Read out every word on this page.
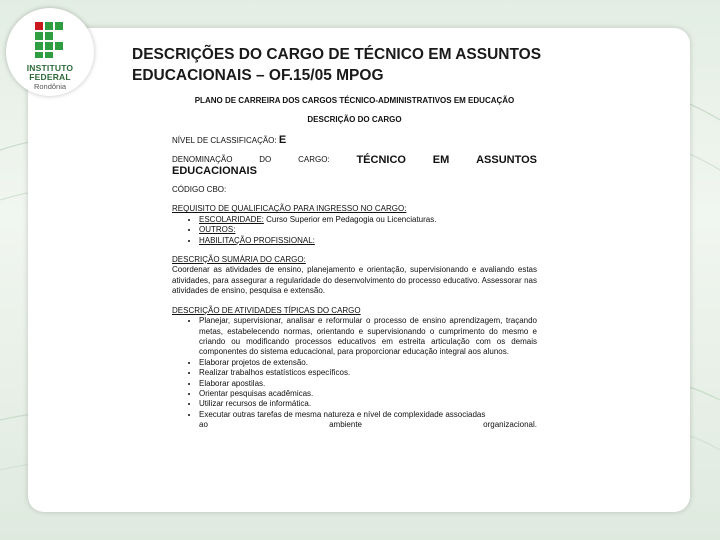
INSTITUTO
FEDERAL
Rondônia
DESCRIÇÕES DO CARGO DE TÉCNICO EM ASSUNTOS
EDUCACIONAIS – OF.15/05 MPOG

PLANO DE CARREIRA DOS CARGOS TÉCNICO-ADMINISTRATIVOS EM EDUCAÇÃO

DESCRIÇÃO DO CARGO

NÍVEL DE CLASSIFICAÇÃO: E

DENOMINAÇÃO	DO	CARGO: TÉCNICO EM ASSUNTOS
EDUCACIONAIS

CÓDIGO CBO:

REQUISITO DE QUALIFICAÇÃO PARA INGRESSO NO CARGO:

• ESCOLARIDADE: Curso Superior em Pedagogia ou Licenciaturas.
• OUTROS:
• HABILITAÇÃO PROFISSIONAL:

DESCRIÇÃO SUMÁRIA DO CARGO:

Coordenar as atividades de ensino, planejamento e orientação, supervisionando e avaliando estas atividades, para assegurar a regularidade do desenvolvimento do processo educativo. Assessorar nas atividades de ensino, pesquisa e extensão.

DESCRIÇÃO DE ATIVIDADES TÍPICAS DO CARGO

• Planejar, supervisionar, analisar e reformular o processo de ensino aprendizagem, traçando metas, estabelecendo normas, orientando e supervisionando o cumprimento do mesmo e criando ou modificando processos educativos em estreita articulação com os demais componentes do sistema educacional, para proporcionar educação integral aos alunos.
• Elaborar projetos de extensão.
• Realizar trabalhos estatísticos específicos.
• Elaborar apostilas.
• Orientar pesquisas acadêmicas.
• Utilizar recursos de informática.
• Executar outras tarefas de mesma natureza e nível de complexidade associadas
ao	ambiente	organizacional.
